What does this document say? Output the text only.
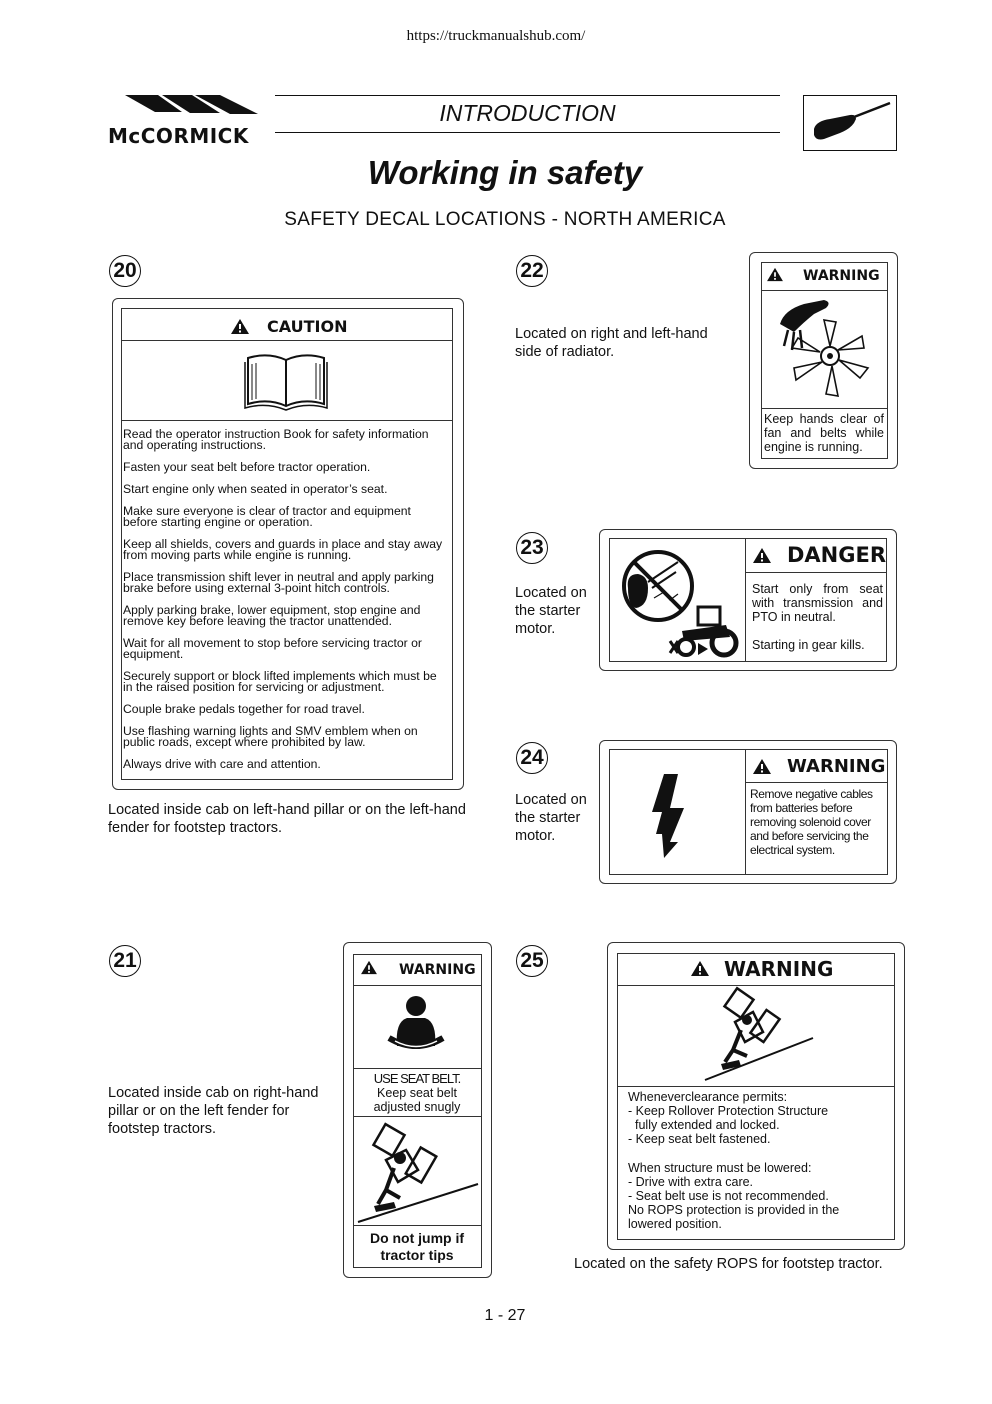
https://truckmanualshub.com/
McCORMICK
INTRODUCTION
Working in safety
SAFETY DECAL LOCATIONS - NORTH AMERICA
20
CAUTION

Read the operator instruction Book for safety information and operating instructions.

Fasten your seat belt before tractor operation.

Start engine only when seated in operator’s seat.

Make sure everyone is clear of tractor and equipment before starting engine or operation.

Keep all shields, covers and guards in place and stay away from moving parts while engine is running.

Place transmission shift lever in neutral and apply parking brake before using external 3-point hitch controls.

Apply parking brake, lower equipment, stop engine and remove key before leaving the tractor unattended.

Wait for all movement to stop before servicing tractor or equipment.

Securely support or block lifted implements which must be in the raised position for servicing or adjustment.

Couple brake pedals together for road travel.

Use flashing warning lights and SMV emblem when on public roads, except where prohibited by law.

Always drive with care and attention.

Located inside cab on left-hand pillar or on the left-hand fender for footstep tractors.
21
Located inside cab on right-hand pillar or on the left fender for footstep tractors.
WARNING
USE SEAT BELT.
Keep seat belt adjusted snugly
Do not jump if tractor tips
22
Located on right and left-hand side of radiator.
WARNING
Keep hands clear of fan and belts while engine is running.
23
Located on the starter motor.
DANGER
Start only from seat with transmission and PTO in neutral.
Starting in gear kills.
24
Located on the starter motor.
WARNING
Remove negative cables from batteries before removing solenoid cover and before servicing the electrical system.
25	WARNING
Wheneverclearance permits:
- Keep Rollover Protection Structure
fully extended and locked.
- Keep seat belt fastened.
When structure must be lowered:
- Drive with extra care.
- Seat belt use is not recommended.
No ROPS protection is provided in the
lowered position.
Located on the safety ROPS for footstep tractor.
1 - 27
